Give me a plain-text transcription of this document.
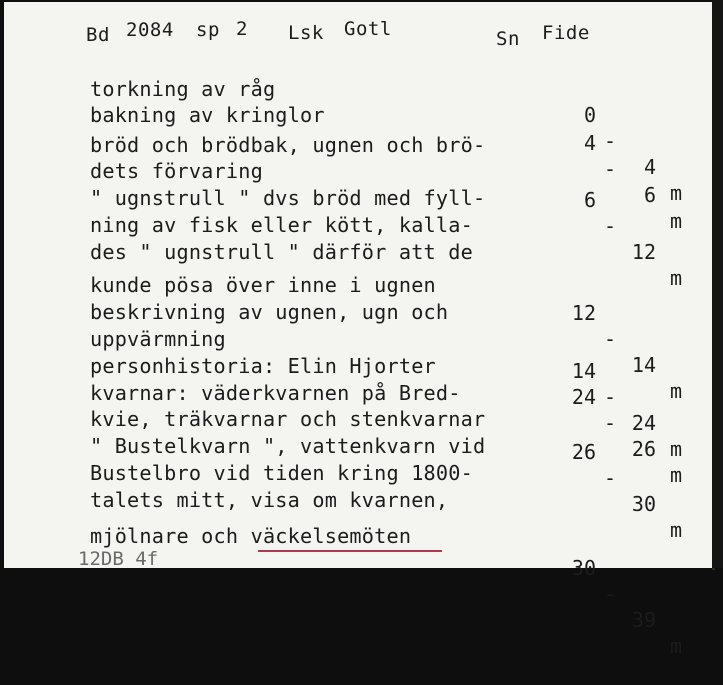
Bd 2084 sp 2 Lsk Gotl	Sn Fide
torkning av råg
bakning av kringlor
bröd och brödbak, ugnen och brö-
dets förvaring
" ugnstrull " dvs bröd med fyll-
ning av fisk eller kött, kalla-
des " ugnstrull " därför att de
kunde pösa över inne i ugnen
beskrivning av ugnen, ugn och
uppvärmning
personhistoria: Elin Hjorter
kvarnar: väderkvarnen på Bred-
kvie, träkvarnar och stenkvarnar
" Bustelkvarn ", vattenkvarn vid
Bustelbro vid tiden kring 1800-
talets mitt, visa om kvarnen,
mjölnare och väckelsemöten

0

-

4

m

4

-

6

m

6

-

12

m

12

-

14

m

14

-

24

m

24

-

26

m

26

-

30

m

30

-

39

m

12DB 4f
